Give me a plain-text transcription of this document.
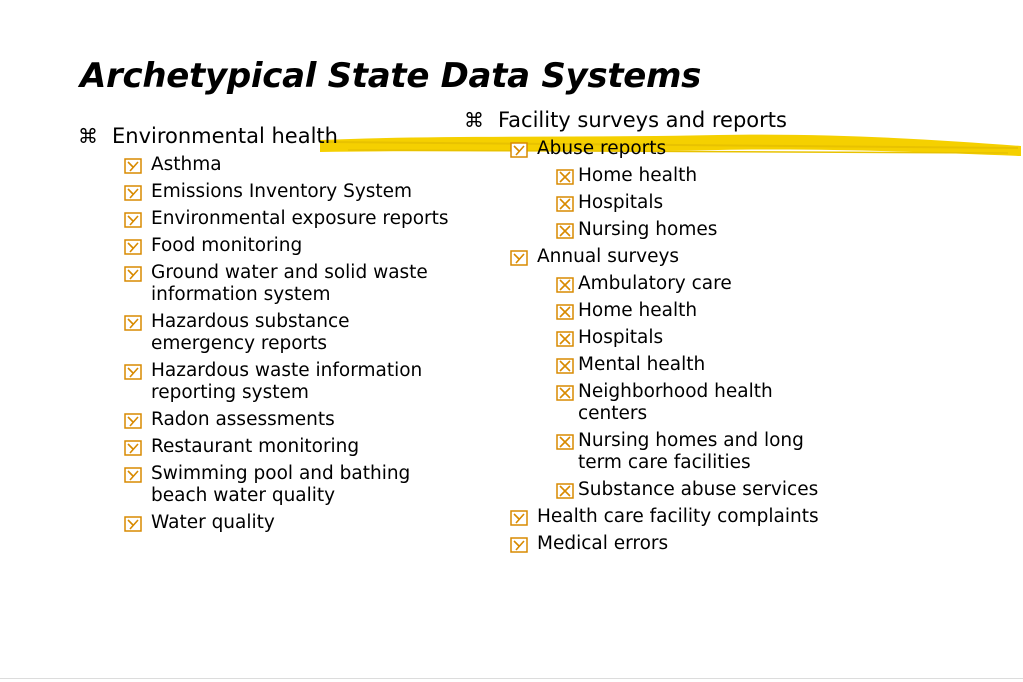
Archetypical State Data Systems
⌘ Environmental health
Asthma
Emissions Inventory System
Environmental exposure reports
Food monitoring
Ground water and solid waste information system
Hazardous substance emergency reports
Hazardous waste information reporting system
Radon assessments
Restaurant monitoring
Swimming pool and bathing beach water quality
Water quality
⌘ Facility surveys and reports
Abuse reports
Home health
Hospitals
Nursing homes
Annual surveys
Ambulatory care
Home health
Hospitals
Mental health
Neighborhood health centers
Nursing homes and long term care facilities
Substance abuse services
Health care facility complaints
Medical errors
